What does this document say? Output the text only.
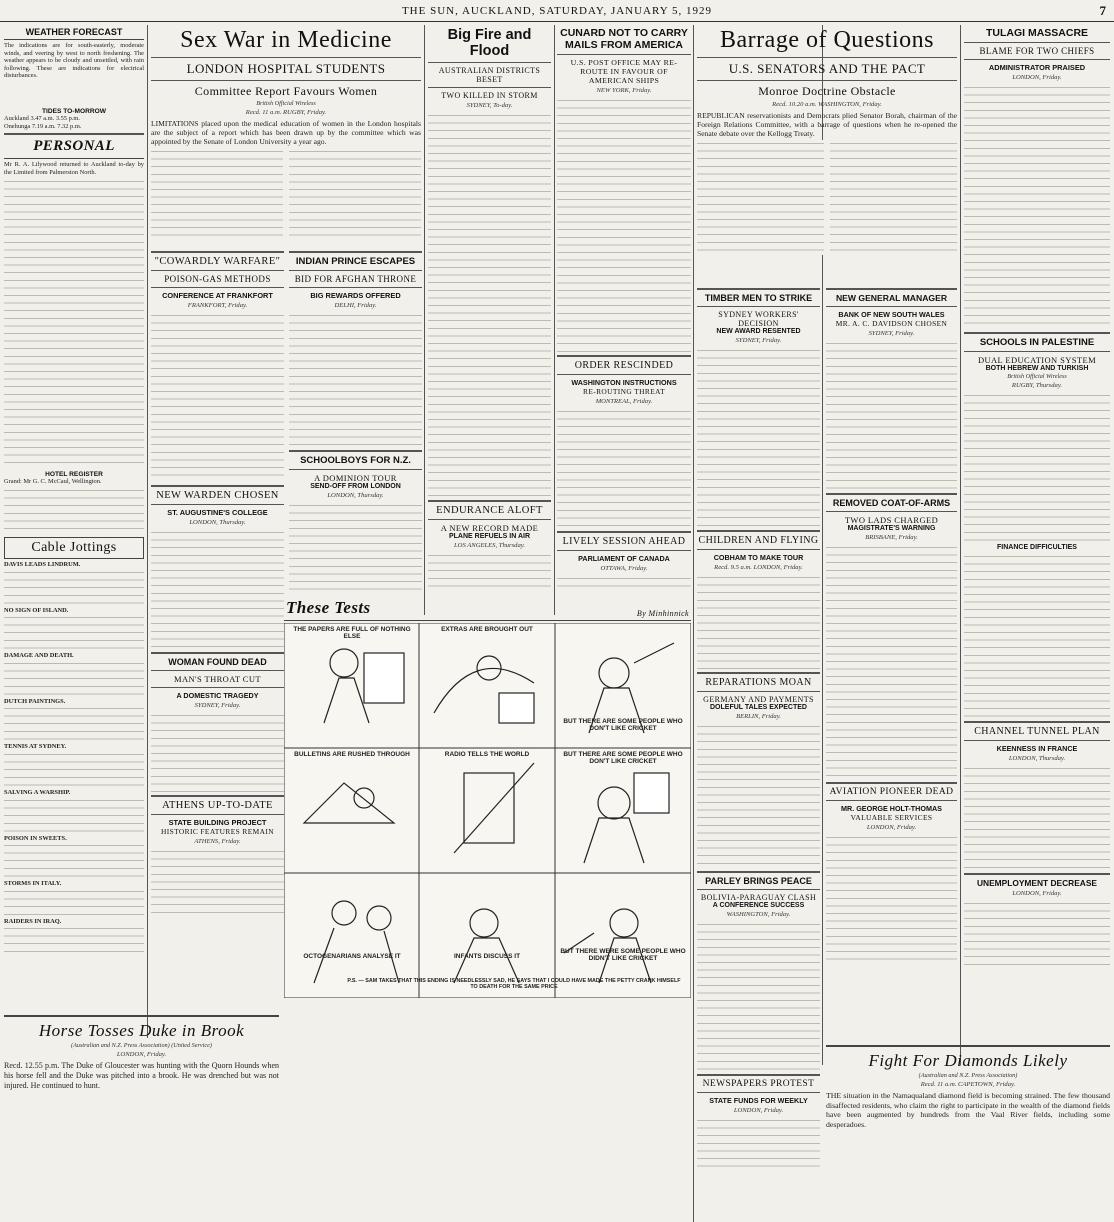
THE SUN, AUCKLAND, SATURDAY, JANUARY 5, 1929	7
WEATHER FORECAST
The indications are for south-easterly, moderate winds, and veering by west to north freshening. The weather appears to be cloudy and unsettled, with rain following. These are indications for electrical disturbances.
TIDES TO-MORROW
Auckland 3.47 a.m. 3.55 p.m.
Onehunga 7.19 a.m. 7.32 p.m.
PERSONAL
Mr R. A. Lilywood returned to Auckland to-day by the Limited from Palmerston North.
HOTEL REGISTER
Grand: Mr G. C. McCaul, Wellington.
Cable Jottings
DAVIS LEADS LINDRUM.
NO SIGN OF ISLAND.
DAMAGE AND DEATH.
DUTCH PAINTINGS.
TENNIS AT SYDNEY.
SALVING A WARSHIP.
POISON IN SWEETS.
STORMS IN ITALY.
RAIDERS IN IRAQ.
Horse Tosses Duke in Brook
(Australian and N.Z. Press Association) (United Service)
LONDON, Friday.
Recd. 12.55 p.m. The Duke of Gloucester was hunting with the Quorn Hounds when his horse fell and the Duke was pitched into a brook. He was drenched but was not injured. He continued to hunt.
Sex War in Medicine
LONDON HOSPITAL STUDENTS
Committee Report Favours Women
British Official Wireless
Recd. 11 a.m. RUGBY, Friday.
LIMITATIONS placed upon the medical education of women in the London hospitals are the subject of a report which has been drawn up by the committee which was appointed by the Senate of London University a year ago.
"COWARDLY WARFARE"
POISON-GAS METHODS
CONFERENCE AT FRANKFORT
FRANKFORT, Friday.
NEW WARDEN CHOSEN
ST. AUGUSTINE'S COLLEGE
LONDON, Thursday.
WOMAN FOUND DEAD
MAN'S THROAT CUT
A DOMESTIC TRAGEDY
SYDNEY, Friday.
ATHENS UP-TO-DATE
STATE BUILDING PROJECT
HISTORIC FEATURES REMAIN
ATHENS, Friday.
INDIAN PRINCE ESCAPES
BID FOR AFGHAN THRONE
BIG REWARDS OFFERED
DELHI, Friday.
SCHOOLBOYS FOR N.Z.
A DOMINION TOUR
SEND-OFF FROM LONDON
LONDON, Thursday.
Big Fire and Flood
AUSTRALIAN DISTRICTS BESET
TWO KILLED IN STORM
SYDNEY, To-day.
ENDURANCE ALOFT
A NEW RECORD MADE
PLANE REFUELS IN AIR
LOS ANGELES, Thursday.
CUNARD NOT TO CARRY MAILS FROM AMERICA
U.S. POST OFFICE MAY RE-ROUTE IN FAVOUR OF AMERICAN SHIPS
NEW YORK, Friday.
ORDER RESCINDED
WASHINGTON INSTRUCTIONS
RE-ROUTING THREAT
MONTREAL, Friday.
LIVELY SESSION AHEAD
PARLIAMENT OF CANADA
OTTAWA, Friday.
These Tests	By Minhinnick
THE PAPERS ARE FULL OF NOTHING ELSE
EXTRAS ARE BROUGHT OUT
BUT THERE ARE SOME PEOPLE WHO DON'T LIKE CRICKET
BULLETINS ARE RUSHED THROUGH	RADIO TELLS THE WORLD	BUT THERE ARE SOME PEOPLE WHO DON'T LIKE CRICKET
OCTOGENARIANS ANALYSE IT	INFANTS DISCUSS IT
BUT THERE WERE SOME PEOPLE WHO DIDN'T LIKE CRICKET
P.S. — SAM TAKES THAT THIS ENDING IS NEEDLESSLY SAD, HE SAYS THAT I COULD HAVE MADE THE PETTY CRANK HIMSELF TO DEATH FOR THE SAME PRICE
Barrage of Questions
U.S. SENATORS AND THE PACT
Monroe Doctrine Obstacle
Recd. 10.20 a.m. WASHINGTON, Friday.
REPUBLICAN reservationists and Democrats plied Senator Borah, chairman of the Foreign Relations Committee, with a barrage of questions when he re-opened the Senate debate over the Kellogg Treaty.
TIMBER MEN TO STRIKE
SYDNEY WORKERS' DECISION
NEW AWARD RESENTED
SYDNEY, Friday.
CHILDREN AND FLYING
COBHAM TO MAKE TOUR
Recd. 9.5 a.m. LONDON, Friday.
REPARATIONS MOAN
GERMANY AND PAYMENTS
DOLEFUL TALES EXPECTED
BERLIN, Friday.
PARLEY BRINGS PEACE
BOLIVIA-PARAGUAY CLASH
A CONFERENCE SUCCESS
WASHINGTON, Friday.
NEWSPAPERS PROTEST
STATE FUNDS FOR WEEKLY
LONDON, Friday.
NEW GENERAL MANAGER
BANK OF NEW SOUTH WALES
MR. A. C. DAVIDSON CHOSEN
SYDNEY, Friday.
REMOVED COAT-OF-ARMS
TWO LADS CHARGED
MAGISTRATE'S WARNING
BRISBANE, Friday.
AVIATION PIONEER DEAD
MR. GEORGE HOLT-THOMAS
VALUABLE SERVICES
LONDON, Friday.
TULAGI MASSACRE
BLAME FOR TWO CHIEFS
ADMINISTRATOR PRAISED
LONDON, Friday.
SCHOOLS IN PALESTINE
DUAL EDUCATION SYSTEM
BOTH HEBREW AND TURKISH
British Official Wireless
RUGBY, Thursday.
FINANCE DIFFICULTIES
CHANNEL TUNNEL PLAN
KEENNESS IN FRANCE
LONDON, Thursday.
UNEMPLOYMENT DECREASE
LONDON, Friday.
Fight For Diamonds Likely
(Australian and N.Z. Press Association)
Recd. 11 a.m. CAPETOWN, Friday.
THE situation in the Namaqualand diamond field is becoming strained. The few thousand disaffected residents, who claim the right to participate in the wealth of the diamond fields have been augmented by hundreds from the Vaal River fields, including some desperadoes.
